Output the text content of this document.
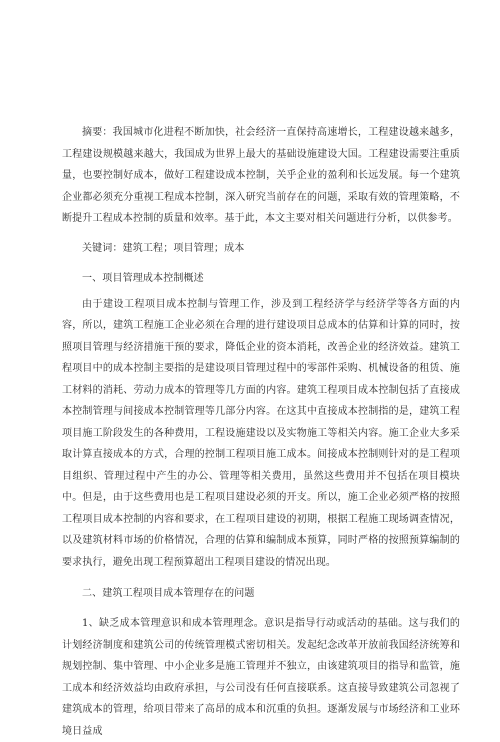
摘要：我国城市化进程不断加快，社会经济一直保持高速增长，工程建设越来越多，工程建设规模越来越大，我国成为世界上最大的基础设施建设大国。工程建设需要注重质量，也要控制好成本，做好工程建设成本控制，关乎企业的盈利和长远发展。每一个建筑企业都必须充分重视工程成本控制，深入研究当前存在的问题，采取有效的管理策略，不断提升工程成本控制的质量和效率。基于此，本文主要对相关问题进行分析，以供参考。

关键词：建筑工程；项目管理；成本

一、项目管理成本控制概述

由于建设工程项目成本控制与管理工作，涉及到工程经济学与经济学等各方面的内容，所以，建筑工程施工企业必须在合理的进行建设项目总成本的估算和计算的同时，按照项目管理与经济措施干预的要求，降低企业的资本消耗，改善企业的经济效益。建筑工程项目中的成本控制主要指的是建设项目管理过程中的零部件采购、机械设备的租赁、施工材料的消耗、劳动力成本的管理等几方面的内容。建筑工程项目成本控制包括了直接成本控制管理与间接成本控制管理等几部分内容。在这其中直接成本控制指的是，建筑工程项目施工阶段发生的各种费用，工程设施建设以及实物施工等相关内容。施工企业大多采取计算直接成本的方式，合理的控制工程项目施工成本。间接成本控制则针对的是工程项目组织、管理过程中产生的办公、管理等相关费用，虽然这些费用并不包括在项目模块中。但是，由于这些费用也是工程项目建设必须的开支。所以，施工企业必须严格的按照工程项目成本控制的内容和要求，在工程项目建设的初期，根据工程施工现场调查情况，以及建筑材料市场的价格情况，合理的估算和编制成本预算，同时严格的按照预算编制的要求执行，避免出现工程预算超出工程项目建设的情况出现。

二、建筑工程项目成本管理存在的问题

1、缺乏成本管理意识和成本管理理念。意识是指导行动或活动的基础。这与我们的计划经济制度和建筑公司的传统管理模式密切相关。发起纪念改革开放前我国经济统筹和规划控制、集中管理、中小企业多是施工管理并不独立，由该建筑项目的指导和监管，施工成本和经济效益均由政府承担，与公司没有任何直接联系。这直接导致建筑公司忽视了建筑成本的管理，给项目带来了高昂的成本和沉重的负担。逐渐发展与市场经济和工业环境日益成
